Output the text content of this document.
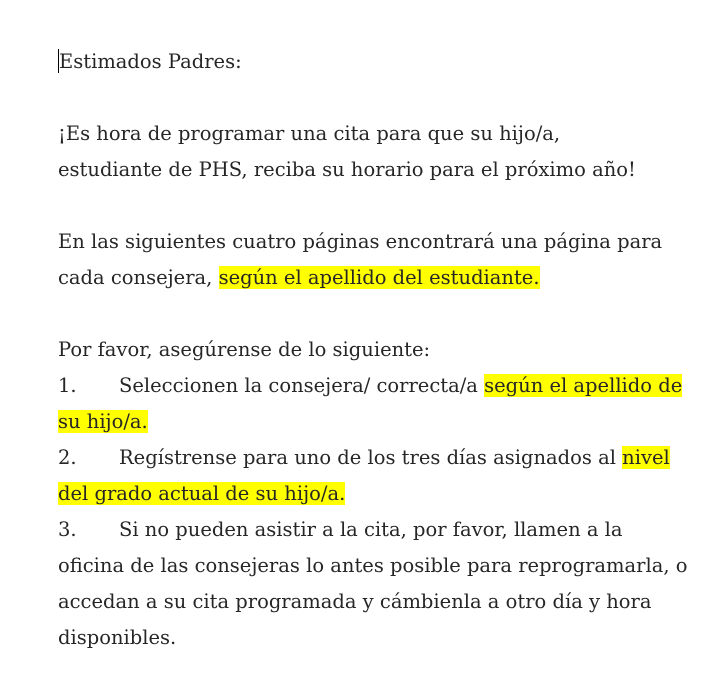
Estimados Padres:

¡Es hora de programar una cita para que su hijo/a,
estudiante de PHS, reciba su horario para el próximo año!

En las siguientes cuatro páginas encontrará una página para cada consejera, según el apellido del estudiante.

Por favor, asegúrense de lo siguiente:

1. Seleccionen la consejera/ correcta/a según el apellido de su hijo/a.

2. Regístrense para uno de los tres días asignados al nivel del grado actual de su hijo/a.

3. Si no pueden asistir a la cita, por favor, llamen a la oficina de las consejeras lo antes posible para reprogramarla, o accedan a su cita programada y cámbienla a otro día y hora disponibles.
